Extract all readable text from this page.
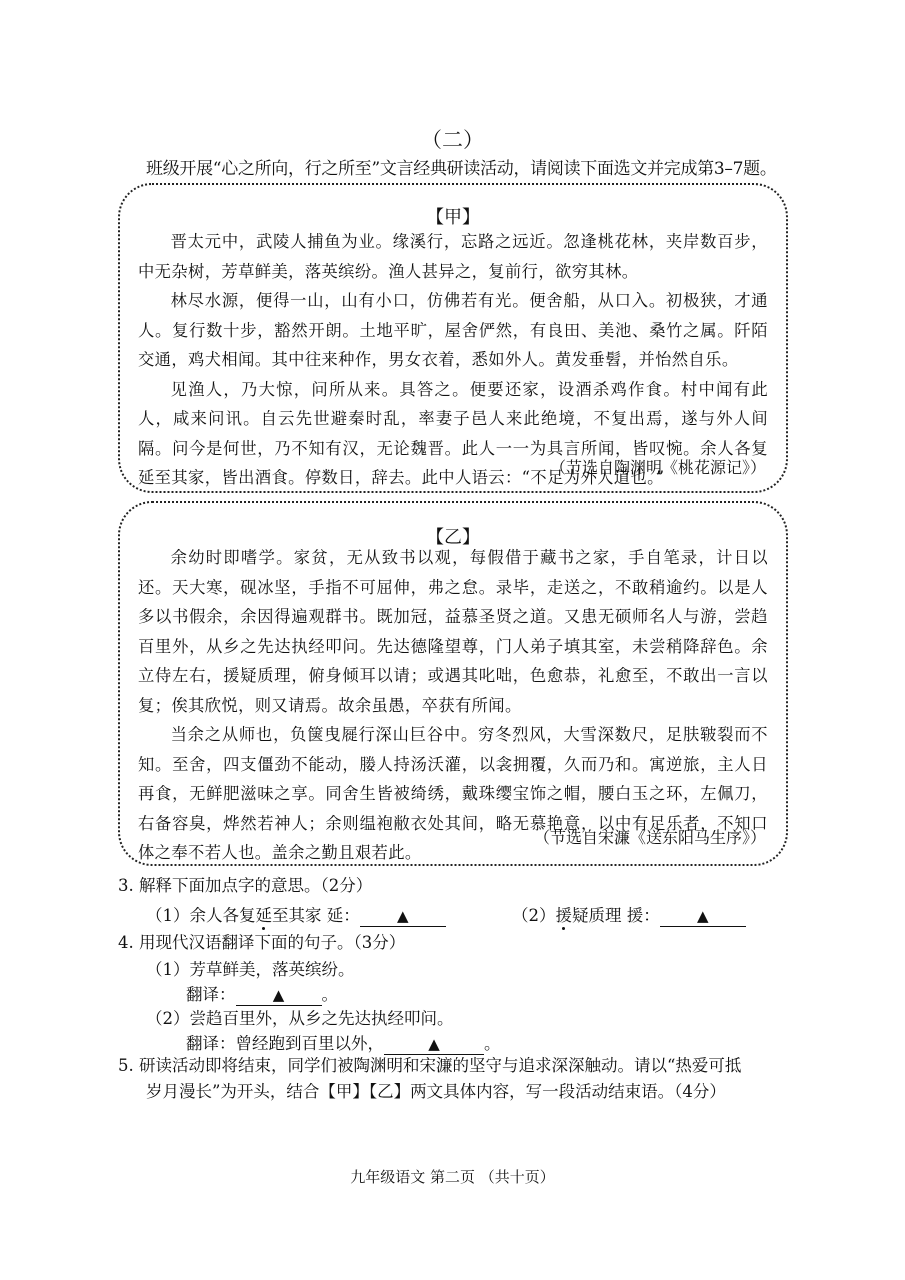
（二）
班级开展“心之所向，行之所至”文言经典研读活动，请阅读下面选文并完成第3–7题。
【甲】

晋太元中，武陵人捕鱼为业。缘溪行，忘路之远近。忽逢桃花林，夹岸数百步，中无杂树，芳草鲜美，落英缤纷。渔人甚异之，复前行，欲穷其林。

林尽水源，便得一山，山有小口，仿佛若有光。便舍船，从口入。初极狭，才通人。复行数十步，豁然开朗。土地平旷，屋舍俨然，有良田、美池、桑竹之属。阡陌交通，鸡犬相闻。其中往来种作，男女衣着，悉如外人。黄发垂髫，并怡然自乐。

见渔人，乃大惊，问所从来。具答之。便要还家，设酒杀鸡作食。村中闻有此人，咸来问讯。自云先世避秦时乱，率妻子邑人来此绝境，不复出焉，遂与外人间隔。问今是何世，乃不知有汉，无论魏晋。此人一一为具言所闻，皆叹惋。余人各复延至其家，皆出酒食。停数日，辞去。此中人语云：“不足为外人道也。”

（节选自陶渊明《桃花源记》）
【乙】

余幼时即嗜学。家贫，无从致书以观，每假借于藏书之家，手自笔录，计日以还。天大寒，砚冰坚，手指不可屈伸，弗之怠。录毕，走送之，不敢稍逾约。以是人多以书假余，余因得遍观群书。既加冠，益慕圣贤之道。又患无硕师名人与游，尝趋百里外，从乡之先达执经叩问。先达德隆望尊，门人弟子填其室，未尝稍降辞色。余立侍左右，援疑质理，俯身倾耳以请；或遇其叱咄，色愈恭，礼愈至，不敢出一言以复；俟其欣悦，则又请焉。故余虽愚，卒获有所闻。

当余之从师也，负箧曳屣行深山巨谷中。穷冬烈风，大雪深数尺，足肤皲裂而不知。至舍，四支僵劲不能动，媵人持汤沃灌，以衾拥覆，久而乃和。寓逆旅，主人日再食，无鲜肥滋味之享。同舍生皆被绮绣，戴珠缨宝饰之帽，腰白玉之环，左佩刀，右备容臭，烨然若神人；余则缊袍敝衣处其间，略无慕艳意，以中有足乐者，不知口体之奉不若人也。盖余之勤且艰若此。

（节选自宋濂《送东阳马生序》）
3. 解释下面加点字的意思。（2分）
（1）余人各复延至其家 延： ▲	（2）援疑质理 援： ▲
4. 用现代汉语翻译下面的句子。（3分）
（1）芳草鲜美，落英缤纷。
翻译： ▲ 。
（2）尝趋百里外，从乡之先达执经叩问。
翻译：曾经跑到百里以外，	▲	。
5. 研读活动即将结束，同学们被陶渊明和宋濂的坚守与追求深深触动。请以“热爱可抵
岁月漫长”为开头，结合【甲】【乙】两文具体内容，写一段活动结束语。（4分）
九年级语文 第二页 （共十页）
